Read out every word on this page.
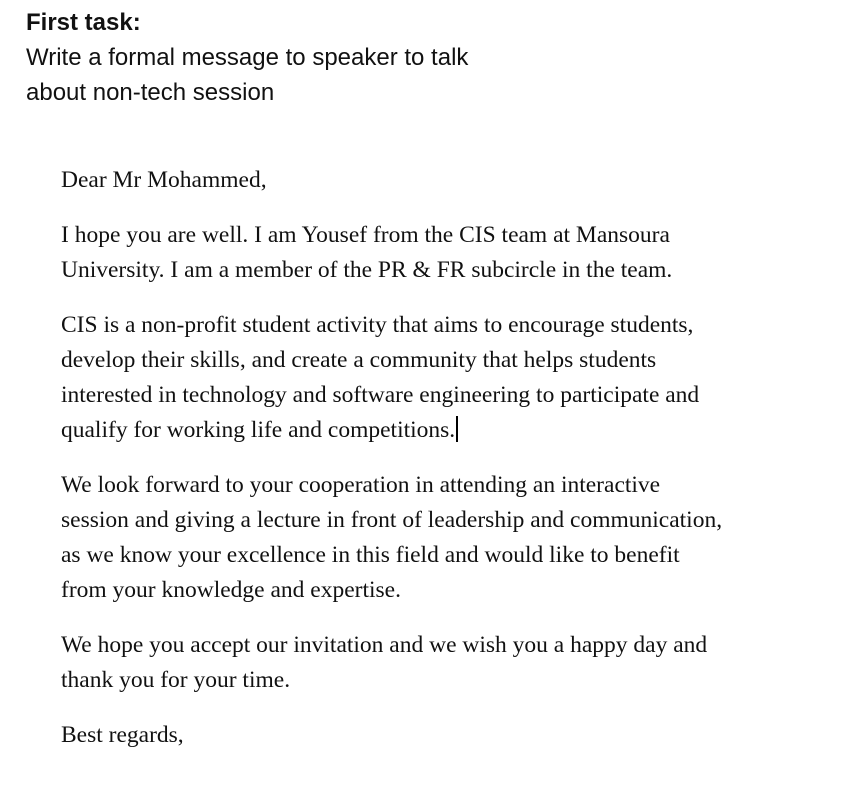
First task:
Write a formal message to speaker to talk
about non-tech session

Dear Mr Mohammed,

I hope you are well. I am Yousef from the CIS team at Mansoura
University. I am a member of the PR & FR subcircle in the team.

CIS is a non-profit student activity that aims to encourage students,
develop their skills, and create a community that helps students
interested in technology and software engineering to participate and
qualify for working life and competitions.

We look forward to your cooperation in attending an interactive
session and giving a lecture in front of leadership and communication,
as we know your excellence in this field and would like to benefit
from your knowledge and expertise.

We hope you accept our invitation and we wish you a happy day and
thank you for your time.

Best regards,
